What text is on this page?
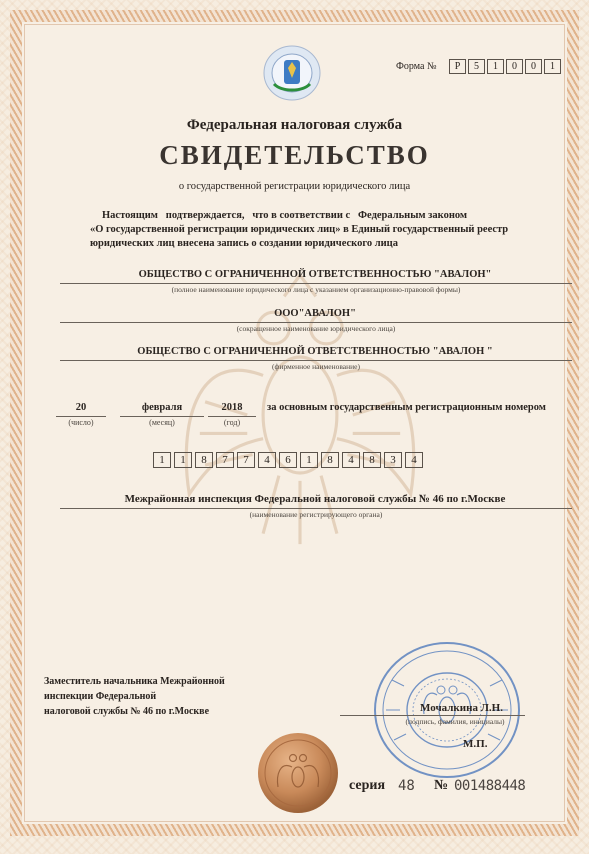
Форма №	Р	5	1	0	0	1
Федеральная налоговая служба
СВИДЕТЕЛЬСТВО
о государственной регистрации юридического лица
Настоящим   подтверждается,   что в соответствии с   Федеральным законом
«О государственной регистрации юридических лиц» в Единый государственный реестр
юридических лиц внесена запись о создании юридического лица
ОБЩЕСТВО С ОГРАНИЧЕННОЙ ОТВЕТСТВЕННОСТЬЮ "АВАЛОН"
(полное наименование юридического лица с указанием организационно-правовой формы)
ООО"АВАЛОН"
(сокращенное наименование юридического лица)
ОБЩЕСТВО С ОГРАНИЧЕННОЙ ОТВЕТСТВЕННОСТЬЮ "АВАЛОН "
(фирменное наименование)
20
(число)
февраля
(месяц)
2018
(год)
за основным государственным регистрационным номером
1	1	8	7	7	4	6	1	8	4	8	3	4
Межрайонная инспекция Федеральной налоговой службы № 46 по г.Москве
(наименование регистрирующего органа)
Заместитель начальника Межрайонной
инспекции Федеральной
налоговой службы № 46 по г.Москве	Мочалкина Л.Н.
(подпись, фамилия, инициалы)
М.П.
серия 48 № 001488448
